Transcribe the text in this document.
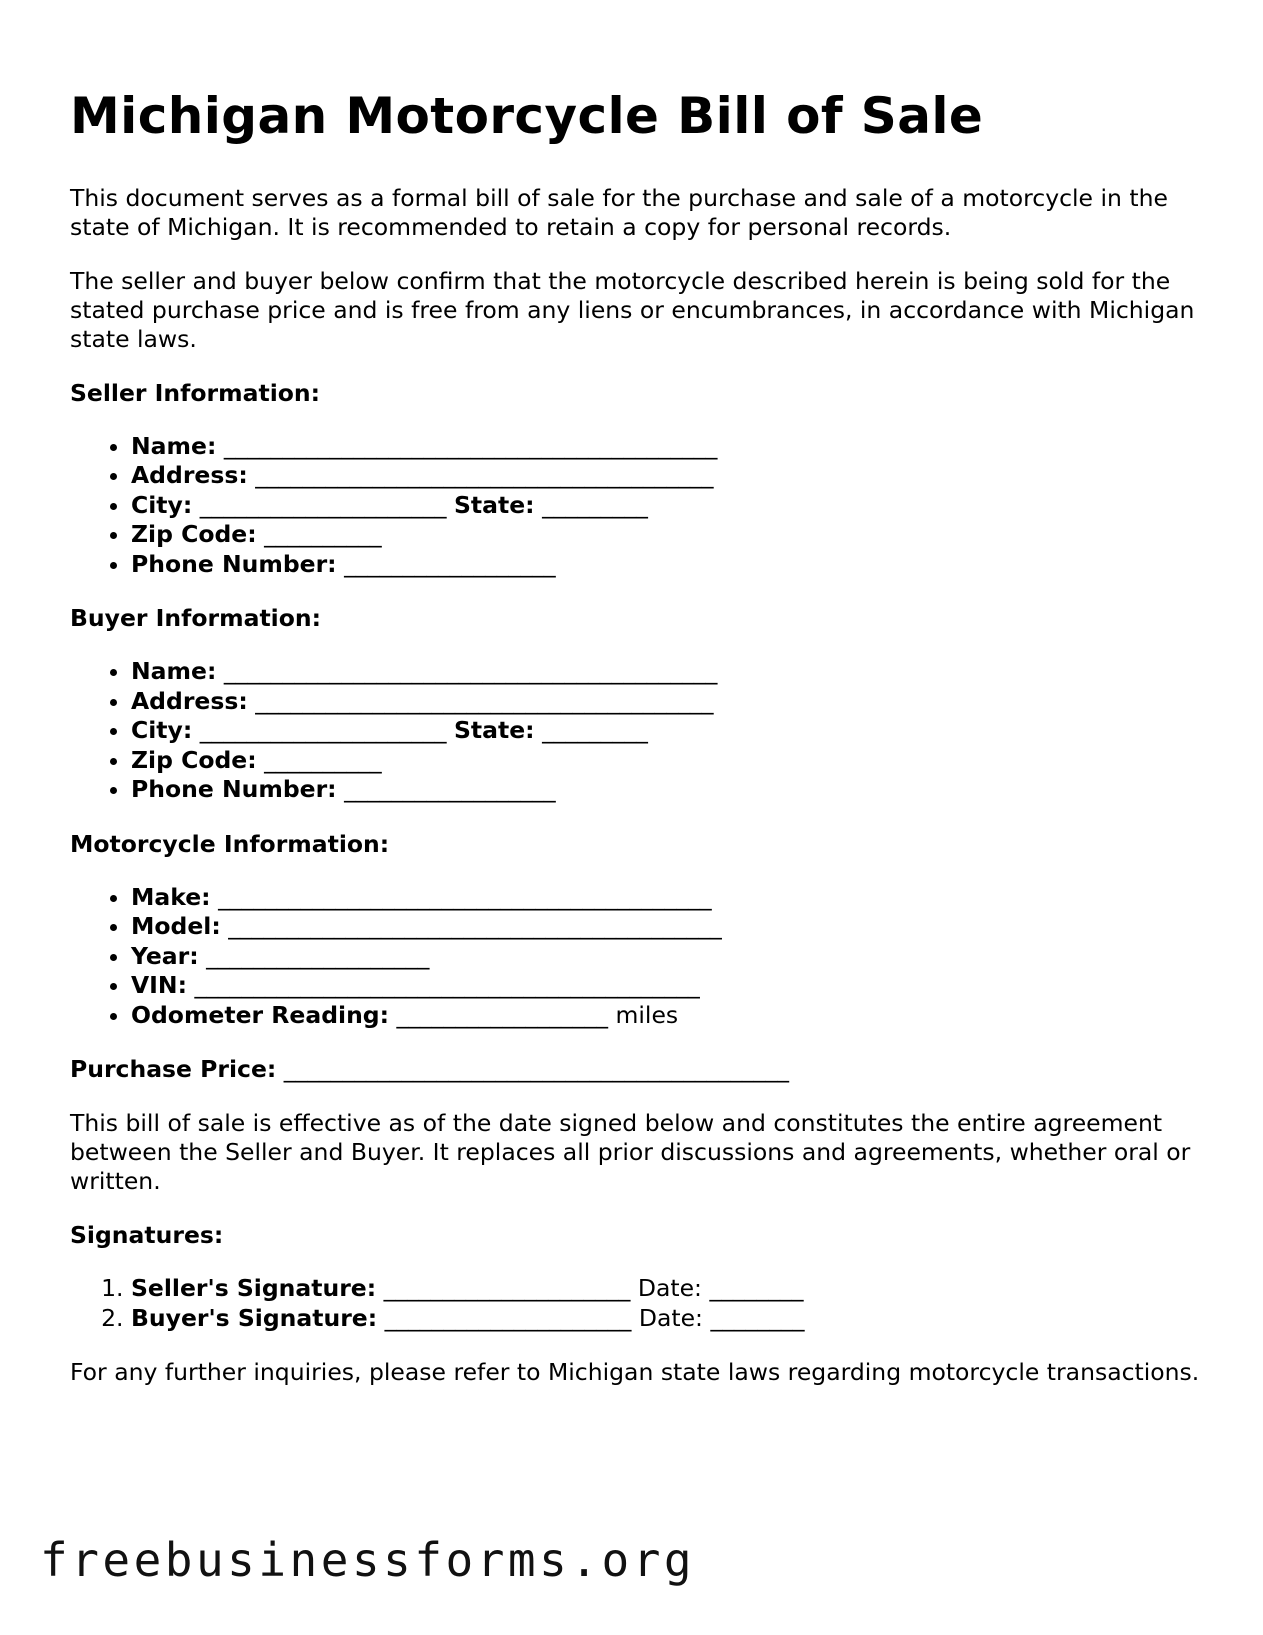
Michigan Motorcycle Bill of Sale

This document serves as a formal bill of sale for the purchase and sale of a motorcycle in the state of Michigan. It is recommended to retain a copy for personal records.

The seller and buyer below confirm that the motorcycle described herein is being sold for the stated purchase price and is free from any liens or encumbrances, in accordance with Michigan state laws.

Seller Information:
• Name: __________________________________________
• Address: _______________________________________
• City: _____________________ State: _________
• Zip Code: __________
• Phone Number: __________________
Buyer Information:
• Name: __________________________________________
• Address: _______________________________________
• City: _____________________ State: _________
• Zip Code: __________
• Phone Number: __________________
Motorcycle Information:
• Make: __________________________________________
• Model: __________________________________________
• Year: ___________________
• VIN: ___________________________________________
• Odometer Reading: __________________ miles
Purchase Price: ___________________________________________

This bill of sale is effective as of the date signed below and constitutes the entire agreement between the Seller and Buyer. It replaces all prior discussions and agreements, whether oral or written.

Signatures:
1. Seller's Signature: _____________________ Date: ________
2. Buyer's Signature: _____________________ Date: ________

For any further inquiries, please refer to Michigan state laws regarding motorcycle transactions.

freebusinessforms.org
